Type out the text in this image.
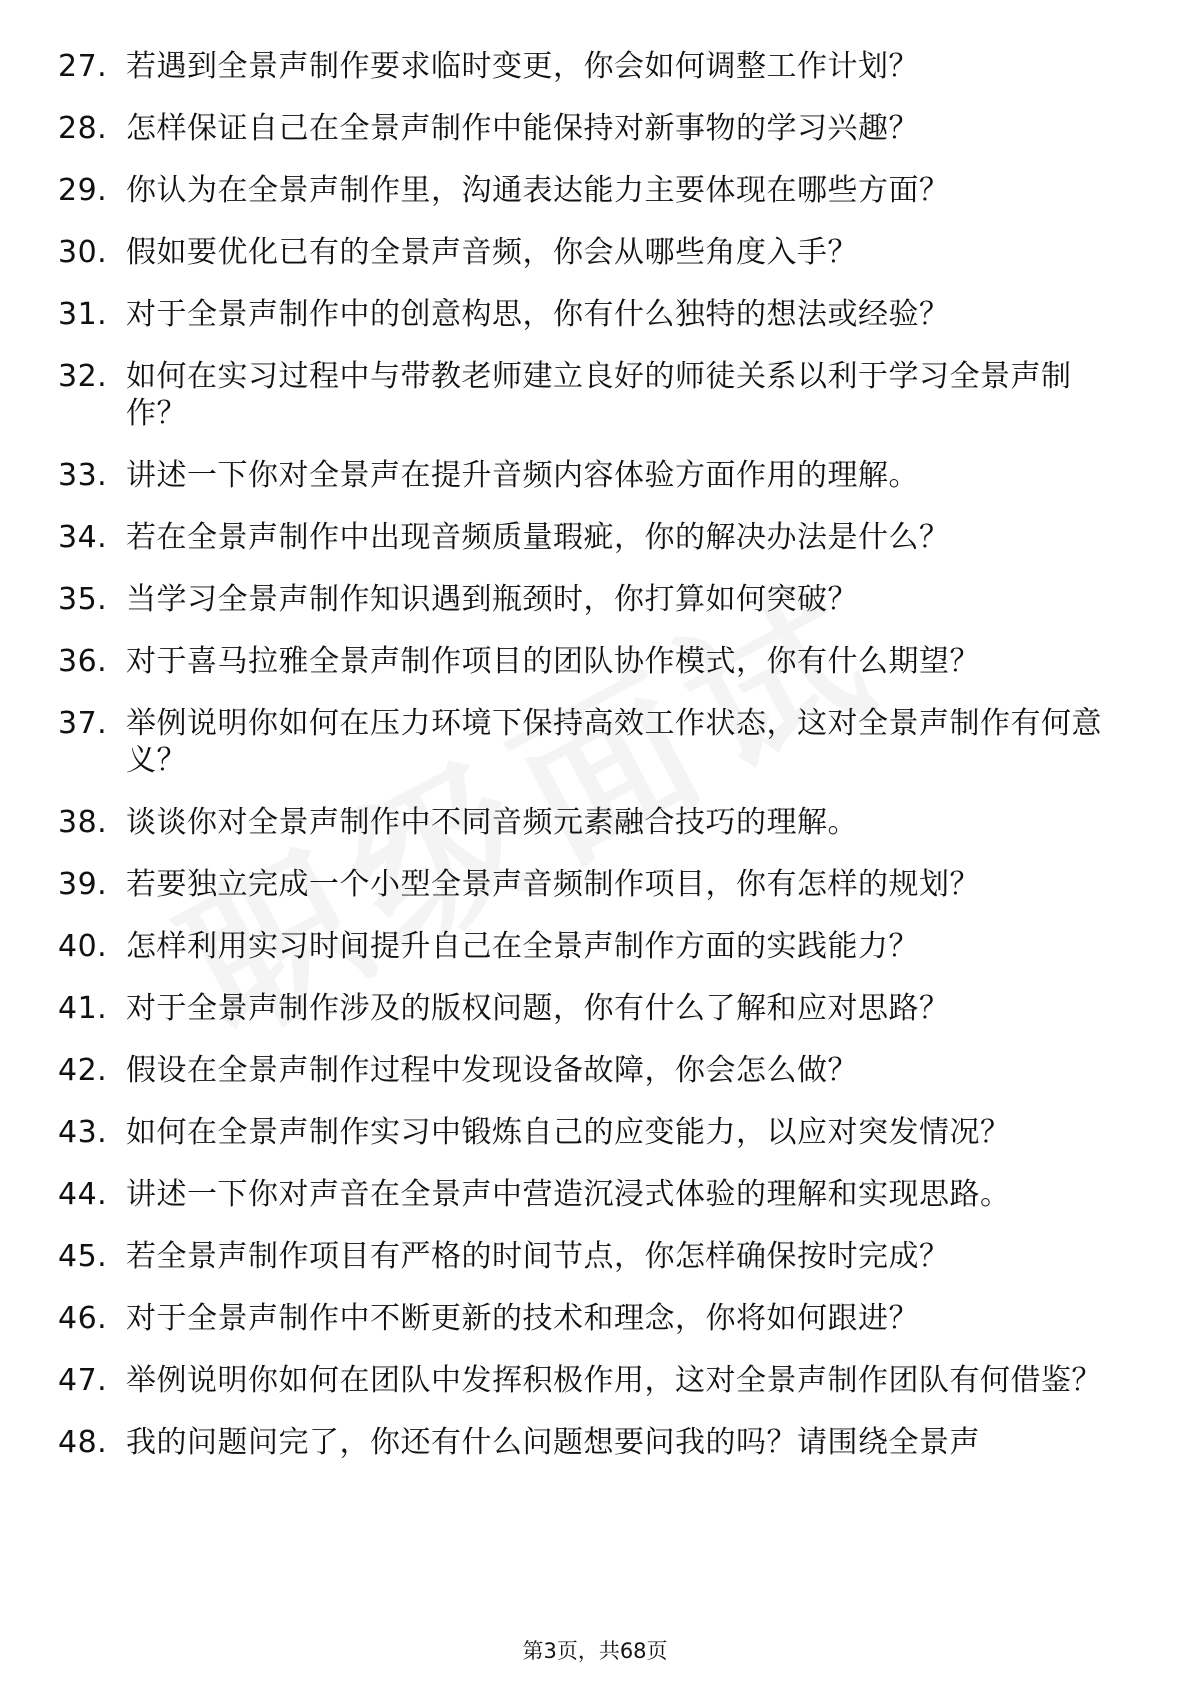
27. 若遇到全景声制作要求临时变更，你会如何调整工作计划？
28. 怎样保证自己在全景声制作中能保持对新事物的学习兴趣？
29. 你认为在全景声制作里，沟通表达能力主要体现在哪些方面？
30. 假如要优化已有的全景声音频，你会从哪些角度入手？
31. 对于全景声制作中的创意构思，你有什么独特的想法或经验？
32. 如何在实习过程中与带教老师建立良好的师徒关系以利于学习全景声制作？
33. 讲述一下你对全景声在提升音频内容体验方面作用的理解。
34. 若在全景声制作中出现音频质量瑕疵，你的解决办法是什么？
35. 当学习全景声制作知识遇到瓶颈时，你打算如何突破？
36. 对于喜马拉雅全景声制作项目的团队协作模式，你有什么期望？
37. 举例说明你如何在压力环境下保持高效工作状态，这对全景声制作有何意义？
38. 谈谈你对全景声制作中不同音频元素融合技巧的理解。
39. 若要独立完成一个小型全景声音频制作项目，你有怎样的规划？
40. 怎样利用实习时间提升自己在全景声制作方面的实践能力？
41. 对于全景声制作涉及的版权问题，你有什么了解和应对思路？
42. 假设在全景声制作过程中发现设备故障，你会怎么做？
43. 如何在全景声制作实习中锻炼自己的应变能力，以应对突发情况？
44. 讲述一下你对声音在全景声中营造沉浸式体验的理解和实现思路。
45. 若全景声制作项目有严格的时间节点，你怎样确保按时完成？
46. 对于全景声制作中不断更新的技术和理念，你将如何跟进？
47. 举例说明你如何在团队中发挥积极作用，这对全景声制作团队有何借鉴？
48. 我的问题问完了，你还有什么问题想要问我的吗？请围绕全景声
第3页，共68页
